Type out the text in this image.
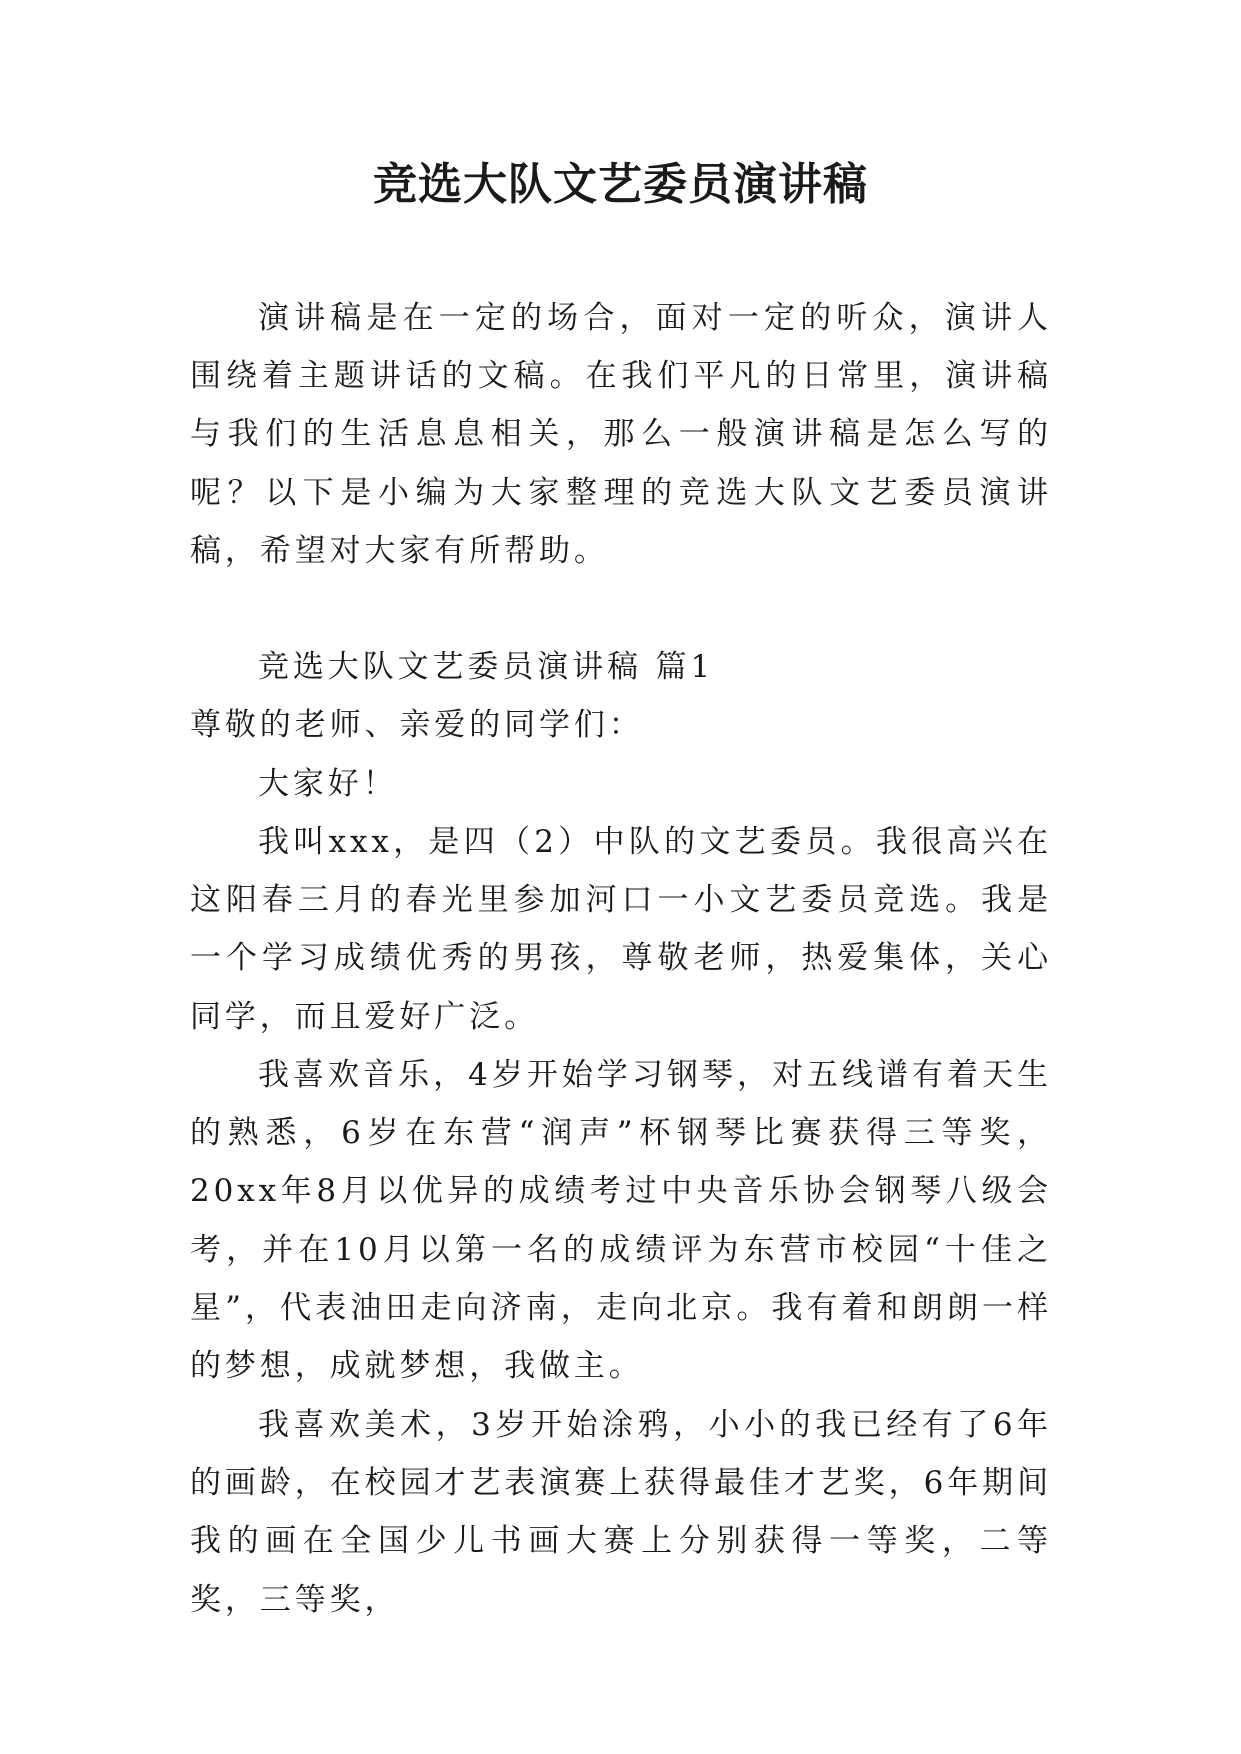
竞选大队文艺委员演讲稿

演讲稿是在一定的场合，面对一定的听众，演讲人围绕着主题讲话的文稿。在我们平凡的日常里，演讲稿与我们的生活息息相关，那么一般演讲稿是怎么写的呢？以下是小编为大家整理的竞选大队文艺委员演讲稿，希望对大家有所帮助。

竞选大队文艺委员演讲稿 篇1

尊敬的老师、亲爱的同学们：

大家好！

我叫xxx，是四（2）中队的文艺委员。我很高兴在这阳春三月的春光里参加河口一小文艺委员竞选。我是一个学习成绩优秀的男孩，尊敬老师，热爱集体，关心同学，而且爱好广泛。

我喜欢音乐，4岁开始学习钢琴，对五线谱有着天生的熟悉，6岁在东营“润声”杯钢琴比赛获得三等奖，20xx年8月以优异的成绩考过中央音乐协会钢琴八级会考，并在10月以第一名的成绩评为东营市校园“十佳之星”，代表油田走向济南，走向北京。我有着和朗朗一样的梦想，成就梦想，我做主。

我喜欢美术，3岁开始涂鸦，小小的我已经有了6年的画龄，在校园才艺表演赛上获得最佳才艺奖，6年期间我的画在全国少儿书画大赛上分别获得一等奖，二等奖，三等奖，
